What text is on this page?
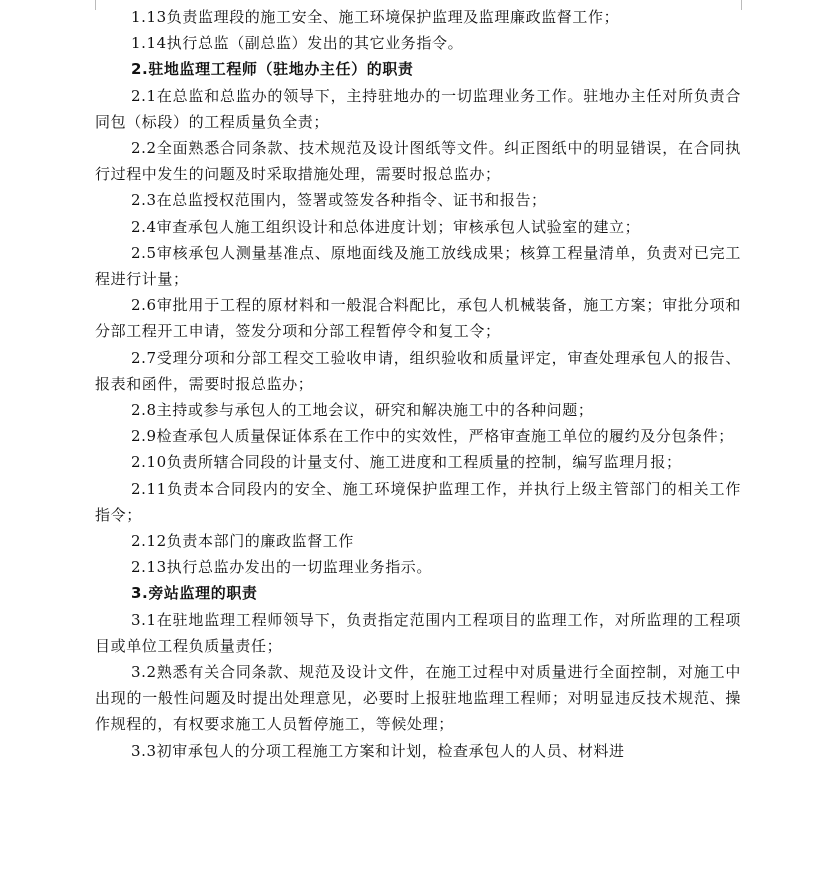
1.13负责监理段的施工安全、施工环境保护监理及监理廉政监督工作；

1.14执行总监（副总监）发出的其它业务指令。

2.驻地监理工程师（驻地办主任）的职责

2.1在总监和总监办的领导下，主持驻地办的一切监理业务工作。驻地办主任对所负责合同包（标段）的工程质量负全责；

2.2全面熟悉合同条款、技术规范及设计图纸等文件。纠正图纸中的明显错误，在合同执行过程中发生的问题及时采取措施处理，需要时报总监办；

2.3在总监授权范围内，签署或签发各种指令、证书和报告；

2.4审查承包人施工组织设计和总体进度计划；审核承包人试验室的建立；

2.5审核承包人测量基准点、原地面线及施工放线成果；核算工程量清单，负责对已完工程进行计量；

2.6审批用于工程的原材料和一般混合料配比，承包人机械装备，施工方案；审批分项和分部工程开工申请，签发分项和分部工程暂停令和复工令；

2.7受理分项和分部工程交工验收申请，组织验收和质量评定，审查处理承包人的报告、报表和函件，需要时报总监办；

2.8主持或参与承包人的工地会议，研究和解决施工中的各种问题；

2.9检查承包人质量保证体系在工作中的实效性，严格审查施工单位的履约及分包条件；

2.10负责所辖合同段的计量支付、施工进度和工程质量的控制，编写监理月报；

2.11负责本合同段内的安全、施工环境保护监理工作，并执行上级主管部门的相关工作指令；

2.12负责本部门的廉政监督工作

2.13执行总监办发出的一切监理业务指示。

3.旁站监理的职责

3.1在驻地监理工程师领导下，负责指定范围内工程项目的监理工作，对所监理的工程项目或单位工程负质量责任；

3.2熟悉有关合同条款、规范及设计文件，在施工过程中对质量进行全面控制，对施工中出现的一般性问题及时提出处理意见，必要时上报驻地监理工程师；对明显违反技术规范、操作规程的，有权要求施工人员暂停施工，等候处理；

3.3初审承包人的分项工程施工方案和计划，检查承包人的人员、材料进
